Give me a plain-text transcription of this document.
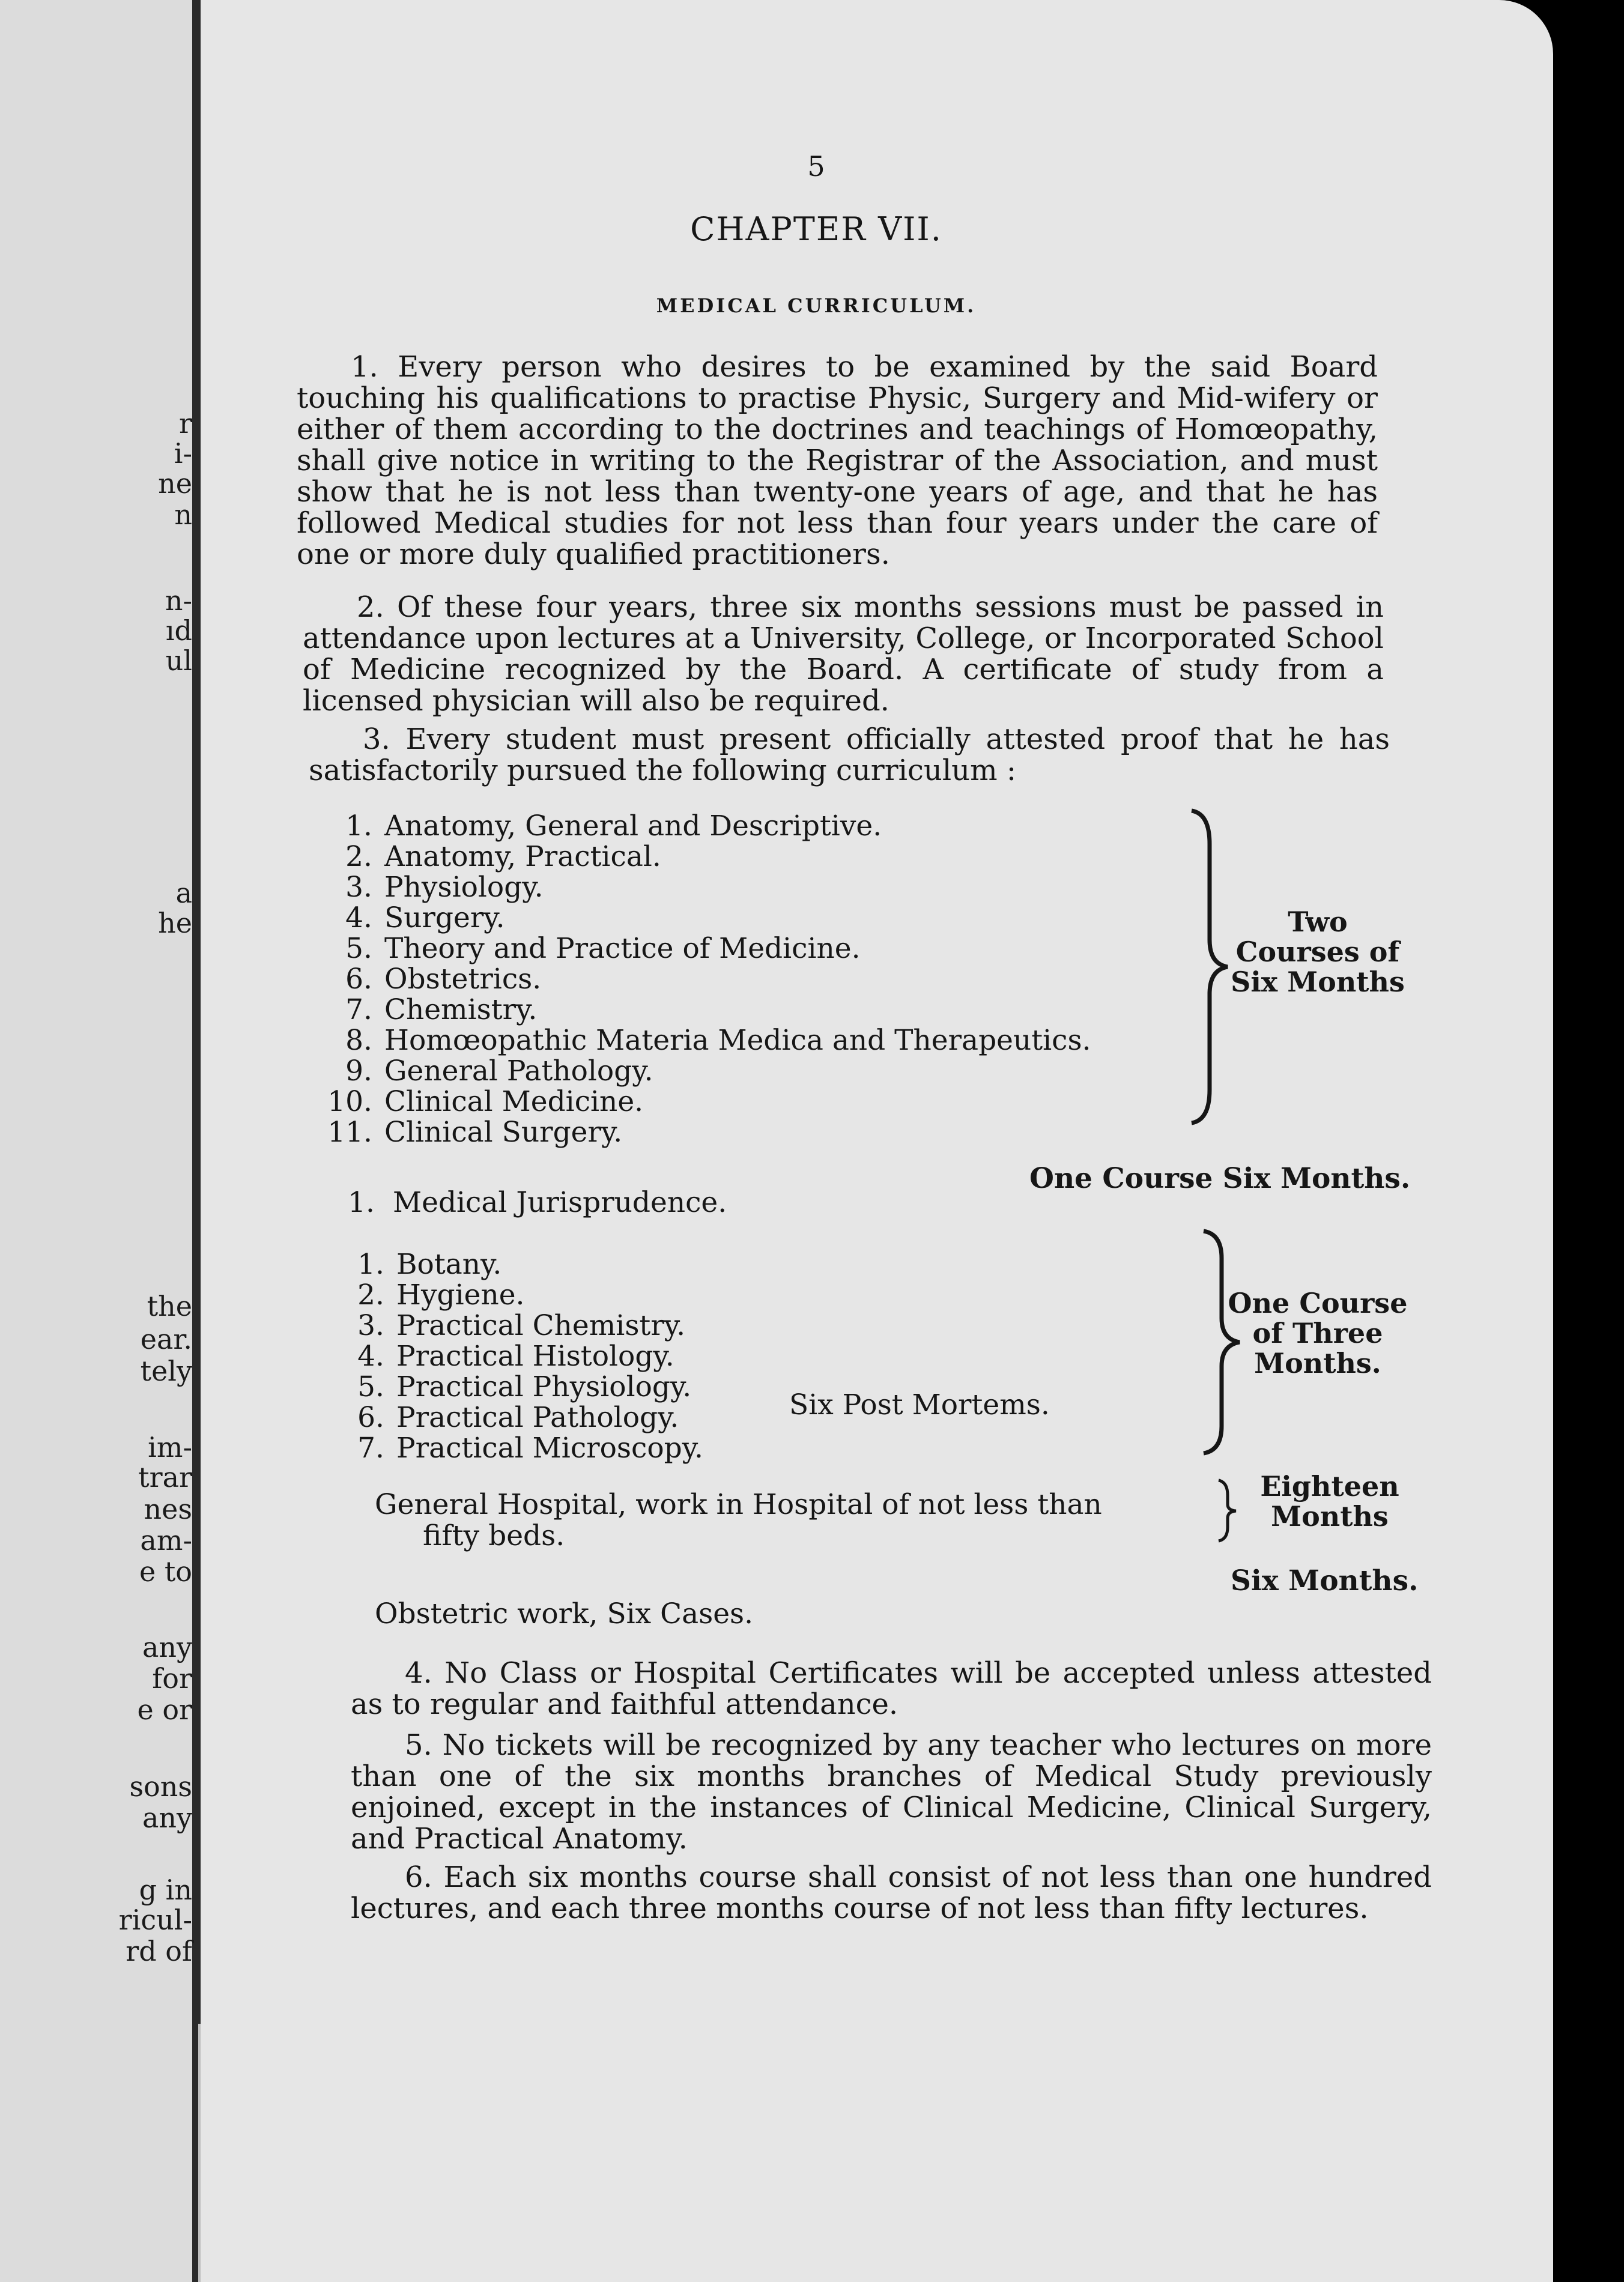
r
i-
ne
n
n-
ıd
ul
a
he
the
ear.
tely
im-
trar
nes
am-
e to
any
for
e or
sons
any
g in
ricul-
rd of
5
CHAPTER VII.
MEDICAL CURRICULUM.
1. Every person who desires to be examined by the said Board touching his qualifications to practise Physic, Surgery and Mid-wifery or either of them according to the doctrines and teachings of Homœopathy, shall give notice in writing to the Registrar of the Association, and must show that he is not less than twenty-one years of age, and that he has followed Medical studies for not less than four years under the care of one or more duly qualified practitioners.
2. Of these four years, three six months sessions must be passed in attendance upon lectures at a University, College, or Incorporated School of Medicine recognized by the Board. A certificate of study from a licensed physician will also be required.
3. Every student must present officially attested proof that he has satisfactorily pursued the following curriculum :
1. Anatomy, General and Descriptive.
2. Anatomy, Practical.
3. Physiology.
4. Surgery.
5. Theory and Practice of Medicine.
6. Obstetrics.
7. Chemistry.
8. Homœopathic Materia Medica and Therapeutics.
9. General Pathology.
10. Clinical Medicine.
11. Clinical Surgery.
Two
Courses of
Six Months
1. Medical Jurisprudence.
One Course Six Months.
1. Botany.
2. Hygiene.
3. Practical Chemistry.
4. Practical Histology.
5. Practical Physiology.
6. Practical Pathology.
7. Practical Microscopy.
Six Post Mortems.
One Course
of Three
Months.
General Hospital, work in Hospital of not less than
fifty beds.
Eighteen
Months
Obstetric work, Six Cases.
Six Months.
4. No Class or Hospital Certificates will be accepted unless attested as to regular and faithful attendance.
5. No tickets will be recognized by any teacher who lectures on more than one of the six months branches of Medical Study previously enjoined, except in the instances of Clinical Medicine, Clinical Surgery, and Practical Anatomy.
6. Each six months course shall consist of not less than one hundred lectures, and each three months course of not less than fifty lectures.
